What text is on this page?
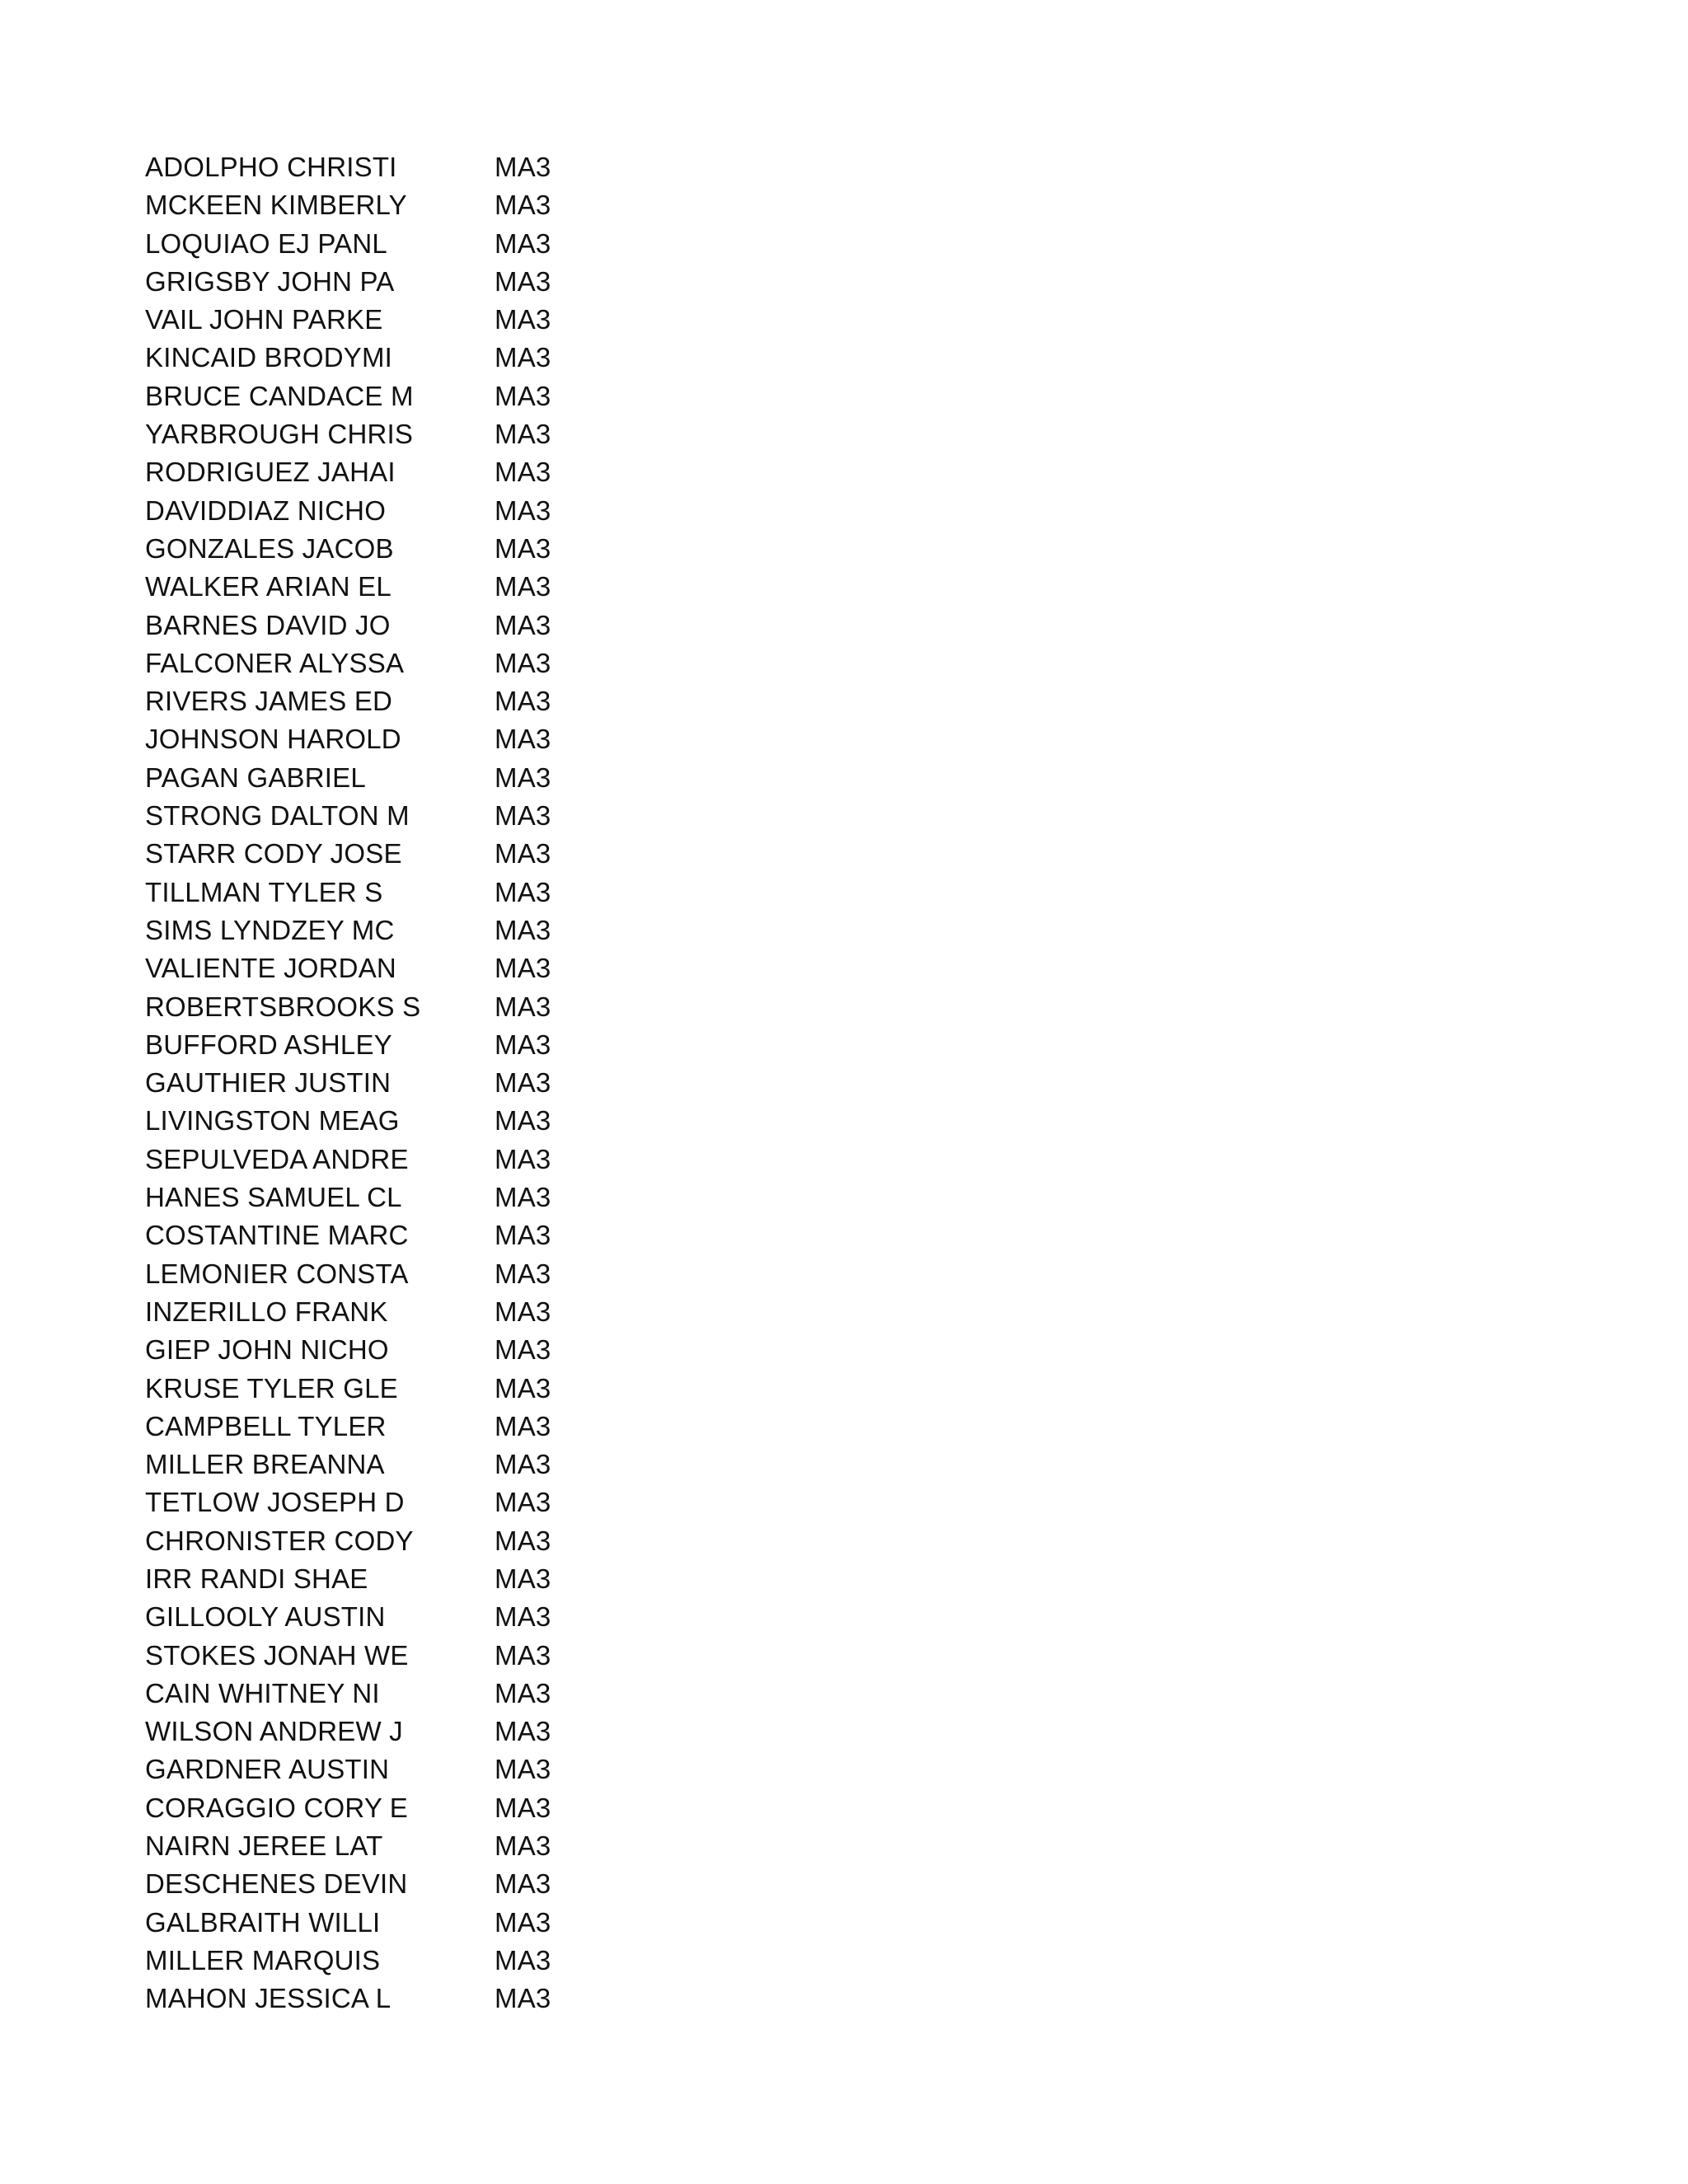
ADOLPHO CHRISTI	MA3
MCKEEN KIMBERLY	MA3
LOQUIAO EJ PANL	MA3
GRIGSBY JOHN PA	MA3
VAIL JOHN PARKE	MA3
KINCAID BRODYMI	MA3
BRUCE CANDACE M	MA3
YARBROUGH CHRIS	MA3
RODRIGUEZ JAHAI	MA3
DAVIDDIAZ NICHO	MA3
GONZALES JACOB	MA3
WALKER ARIAN EL	MA3
BARNES DAVID JO	MA3
FALCONER ALYSSA	MA3
RIVERS JAMES ED	MA3
JOHNSON HAROLD	MA3
PAGAN GABRIEL	MA3
STRONG DALTON M	MA3
STARR CODY JOSE	MA3
TILLMAN TYLER S	MA3
SIMS LYNDZEY MC	MA3
VALIENTE JORDAN	MA3
ROBERTSBROOKS S	MA3
BUFFORD ASHLEY	MA3
GAUTHIER JUSTIN	MA3
LIVINGSTON MEAG	MA3
SEPULVEDA ANDRE	MA3
HANES SAMUEL CL	MA3
COSTANTINE MARC	MA3
LEMONIER CONSTA	MA3
INZERILLO FRANK	MA3
GIEP JOHN NICHO	MA3
KRUSE TYLER GLE	MA3
CAMPBELL TYLER	MA3
MILLER BREANNA	MA3
TETLOW JOSEPH D	MA3
CHRONISTER CODY	MA3
IRR RANDI SHAE	MA3
GILLOOLY AUSTIN	MA3
STOKES JONAH WE	MA3
CAIN WHITNEY NI	MA3
WILSON ANDREW J	MA3
GARDNER AUSTIN	MA3
CORAGGIO CORY E	MA3
NAIRN JEREE LAT	MA3
DESCHENES DEVIN	MA3
GALBRAITH WILLI	MA3
MILLER MARQUIS	MA3
MAHON JESSICA L	MA3
